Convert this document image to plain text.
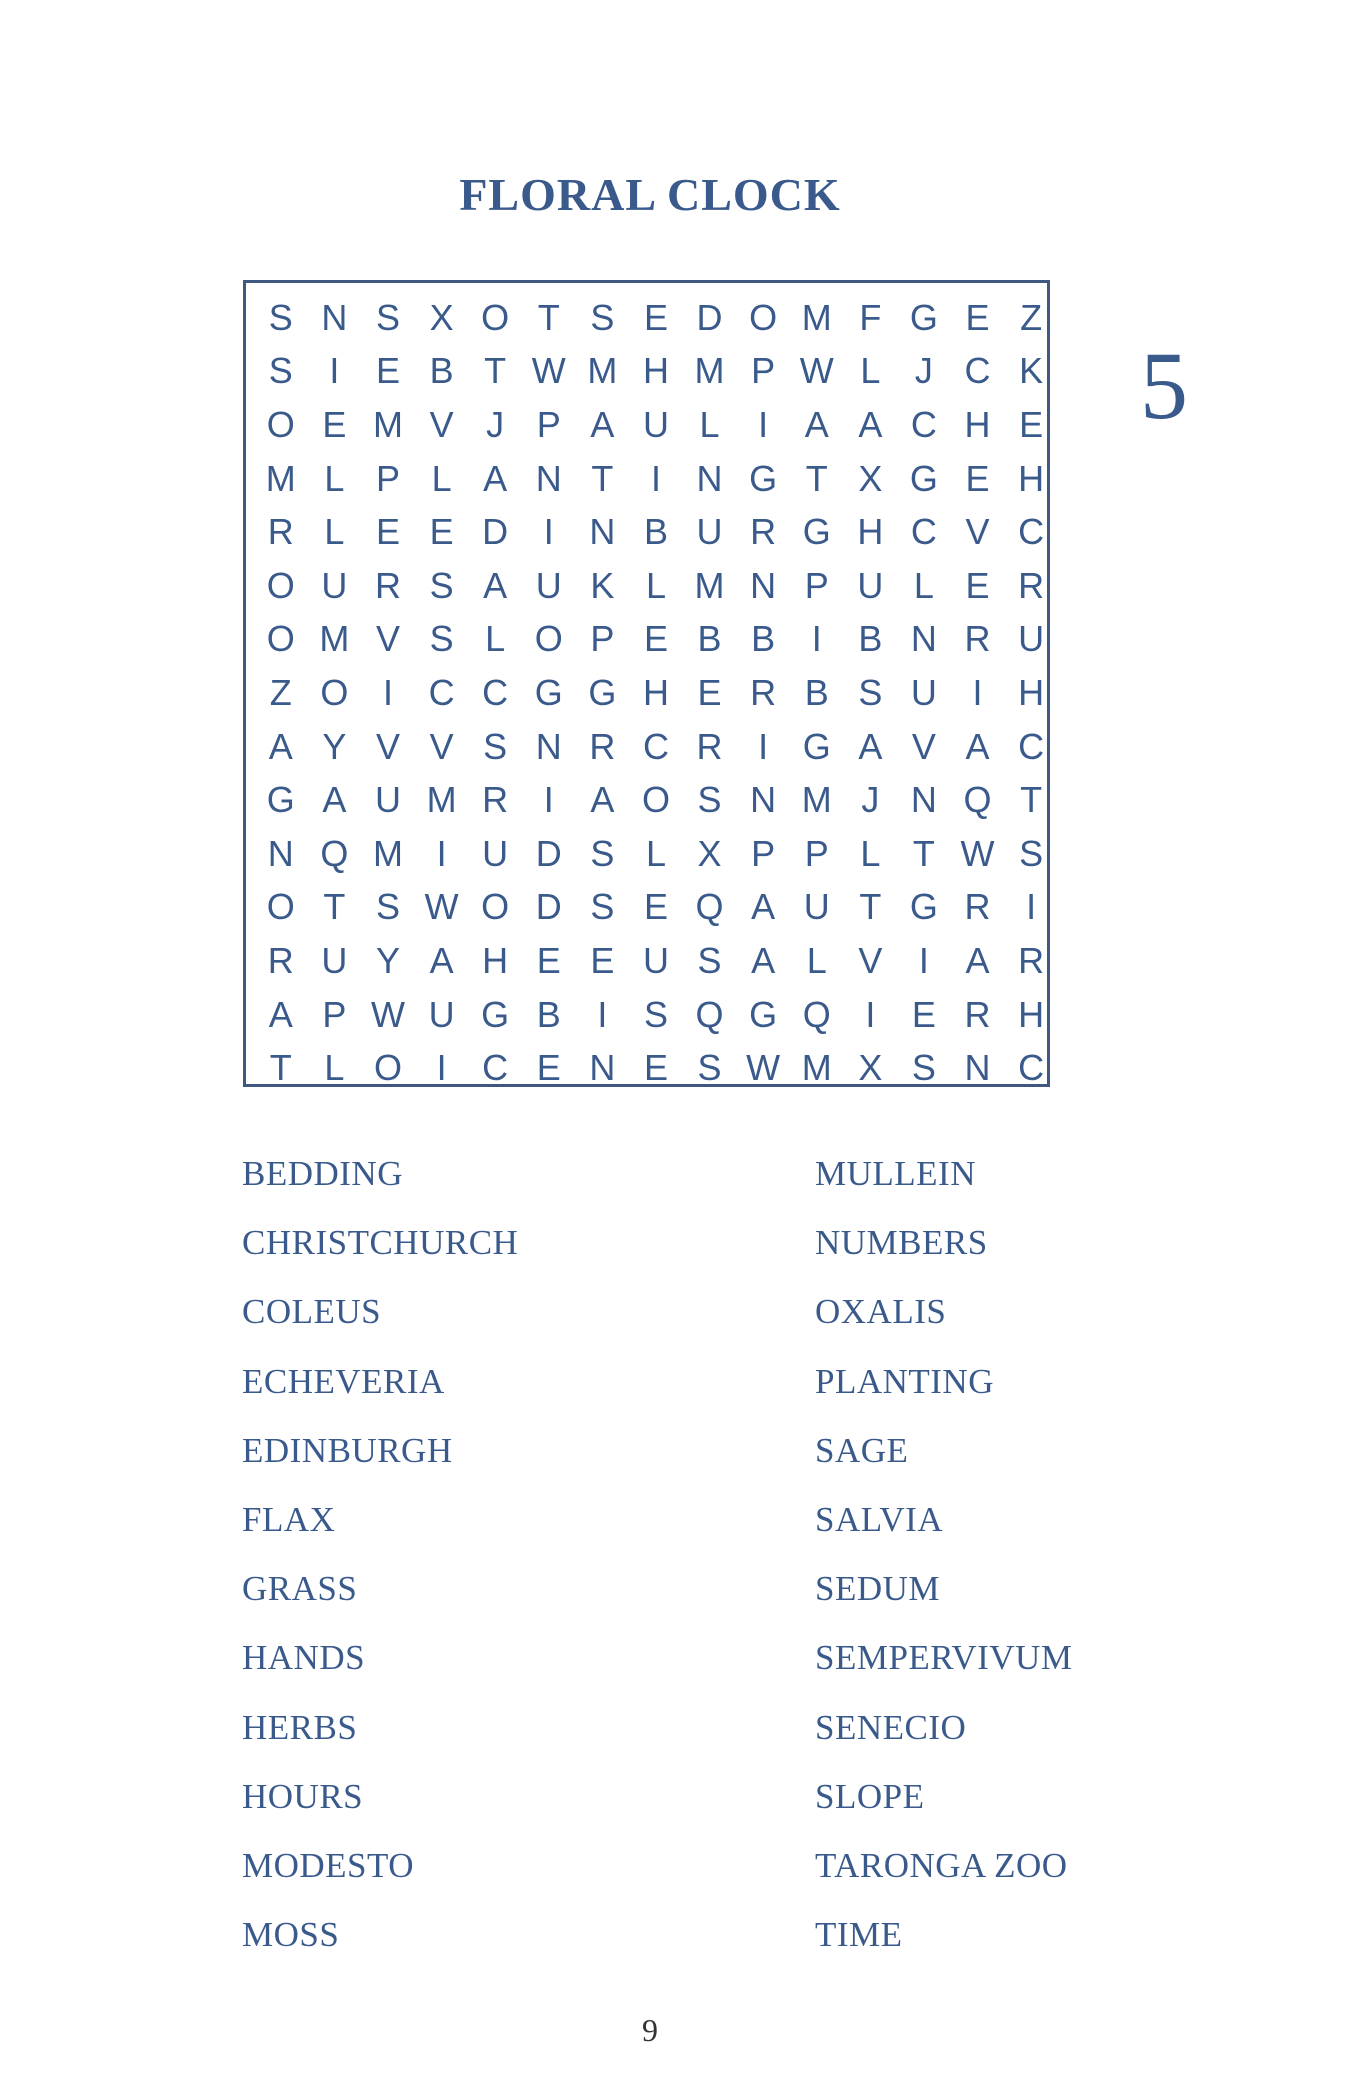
FLORAL CLOCK
5
S N S X O T S E D O M F G E Z
S	I	E B T W M H M P W L J C K
O E M V J P A U L	I	A A C H E
M L P L A N T	I N G T X G E H
R L E E D I N B U R G H C V C
O U R S A U K L M N P U L E R
O M V S L O P E B B	I	B N R U
Z O I C C G G H E R B S U I H
A Y V V S N R C R I G A V A C
G A U M R I	A O S N M J N Q T
N Q M I U D S L X P P L T W S
O T S W O D S E Q A U T G R I
R U Y A H E E U S A L V	I	A R
A P W U G B	I	S Q G Q I	E R H
T L O I C E N E S W M X S N C
BEDDING
CHRISTCHURCH
COLEUS
ECHEVERIA
EDINBURGH
FLAX
GRASS
HANDS
HERBS
HOURS
MODESTO
MOSS
MULLEIN
NUMBERS
OXALIS
PLANTING
SAGE
SALVIA
SEDUM
SEMPERVIVUM
SENECIO
SLOPE
TARONGA ZOO
TIME
9
